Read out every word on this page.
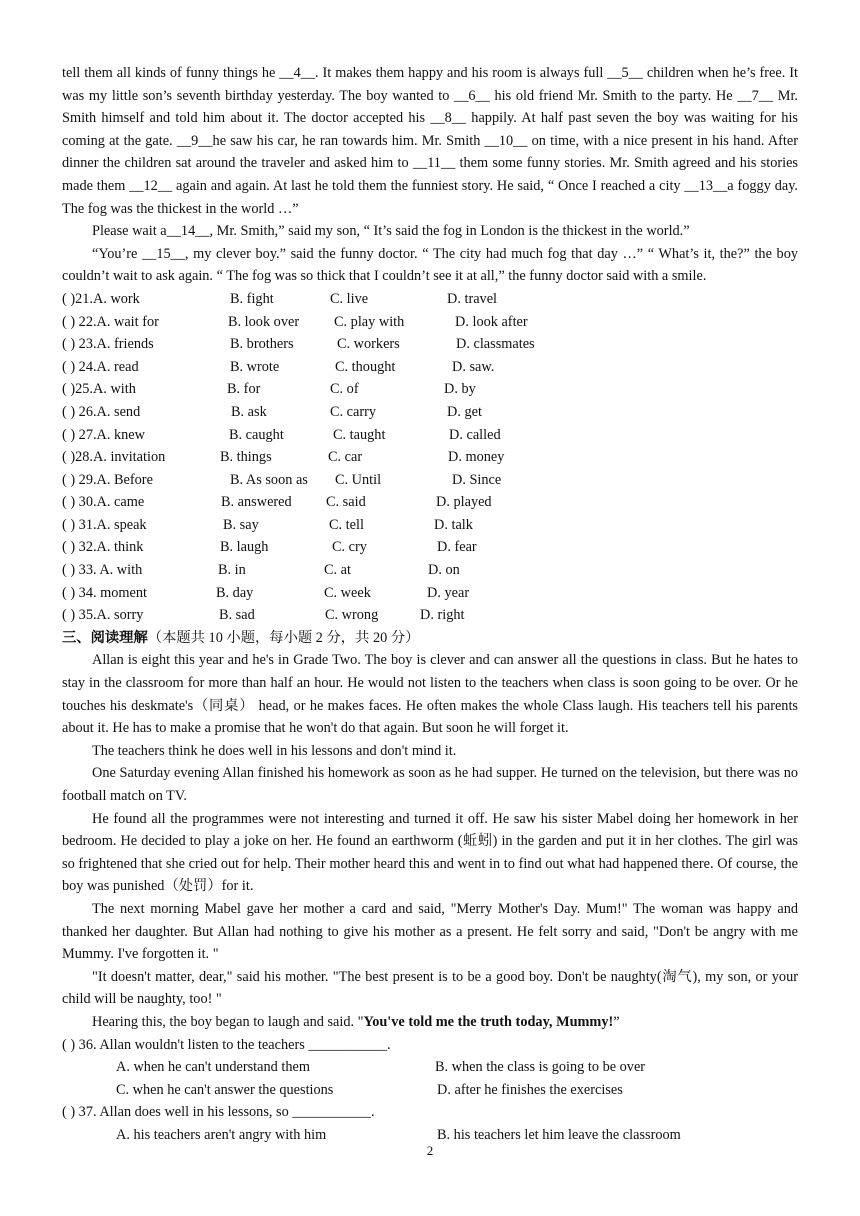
tell them all kinds of funny things he __4__. It makes them happy and his room is always full __5__ children when he’s free. It was my little son’s seventh birthday yesterday. The boy wanted to __6__ his old friend Mr. Smith to the party. He __7__ Mr. Smith himself and told him about it. The doctor accepted his __8__ happily. At half past seven the boy was waiting for his coming at the gate. __9__he saw his car, he ran towards him. Mr. Smith __10__ on time, with a nice present in his hand. After dinner the children sat around the traveler and asked him to __11__ them some funny stories. Mr. Smith agreed and his stories made them __12__ again and again. At last he told them the funniest story. He said, “ Once I reached a city __13__a foggy day. The fog was the thickest in the world …”

Please wait a__14__, Mr. Smith,” said my son, “ It’s said the fog in London is the thickest in the world.”

“You’re __15__, my clever boy.” said the funny doctor. “ The city had much fog that day …” “ What’s it, the?” the boy couldn’t wait to ask again. “ The fog was so thick that I couldn’t see it at all,” the funny doctor said with a smile.

( )21.A. work	B. fight	C. live	D. travel
( ) 22.A. wait for	B. look over C. play with	D. look after
( ) 23.A. friends	B. brothers	C. workers	D. classmates
( ) 24.A. read	B. wrote	C. thought	D. saw.
( )25.A. with	B. for	C. of	D. by
( ) 26.A. send	B. ask	C. carry	D. get
( ) 27.A. knew	B. caught	C. taught	D. called
( )28.A. invitation	B. things	C. car	D. money
( ) 29.A. Before	B. As soon as C. Until	D. Since
( ) 30.A. came	B. answered C. said	D. played
( ) 31.A. speak	B. say	C. tell	D. talk
( ) 32.A. think	B. laugh	C. cry	D. fear
( ) 33. A. with	B. in	C. at	D. on
( ) 34. moment	B. day	C. week	D. year
( ) 35.A. sorry	B. sad	C. wrong	D. right
三、阅读理解（本题共 10 小题，每小题 2 分，共 20 分）

Allan is eight this year and he's in Grade Two. The boy is clever and can answer all the questions in class. But he hates to stay in the classroom for more than half an hour. He would not listen to the teachers when class is soon going to be over. Or he touches his deskmate's（同桌） head, or he makes faces. He often makes the whole Class laugh. His teachers tell his parents about it. He has to make a promise that he won't do that again. But soon he will forget it.

The teachers think he does well in his lessons and don't mind it.

One Saturday evening Allan finished his homework as soon as he had supper. He turned on the television, but there was no football match on TV.

He found all the programmes were not interesting and turned it off. He saw his sister Mabel doing her homework in her bedroom. He decided to play a joke on her. He found an earthworm (蚯蚓) in the garden and put it in her clothes. The girl was so frightened that she cried out for help. Their mother heard this and went in to find out what had happened there. Of course, the boy was punished（处罚）for it.

The next morning Mabel gave her mother a card and said, "Merry Mother's Day. Mum!" The woman was happy and thanked her daughter. But Allan had nothing to give his mother as a present. He felt sorry and said, "Don't be angry with me Mummy. I've forgotten it. "

"It doesn't matter, dear," said his mother. "The best present is to be a good boy. Don't be naughty(淘气), my son, or your child will be naughty, too! "

Hearing this, the boy began to laugh and said. "You've told me the truth today, Mummy!”

( ) 36. Allan wouldn't listen to the teachers ___________.
A. when he can't understand them	B. when the class is going to be over
C. when he can't answer the questions	D. after he finishes the exercises
( ) 37. Allan does well in his lessons, so ___________.
A. his teachers aren't angry with him	B. his teachers let him leave the classroom
2
